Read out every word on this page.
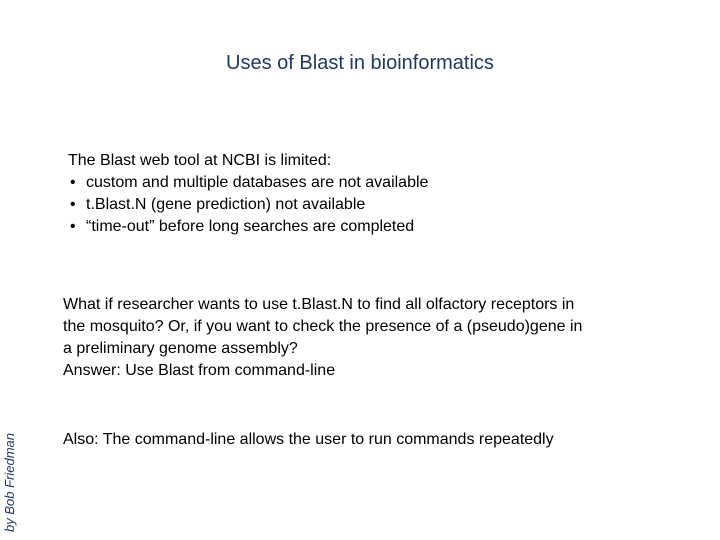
Uses of Blast in bioinformatics
The Blast web tool at NCBI is limited:
• custom and multiple databases are not available
• t.Blast.N (gene prediction) not available
• “time-out” before long searches are completed

What if researcher wants to use t.Blast.N to find all olfactory receptors in

the mosquito? Or, if you want to check the presence of a (pseudo)gene in

a preliminary genome assembly?

Answer: Use Blast from command-line

Also: The command-line allows the user to run commands repeatedly
by Bob Friedman
